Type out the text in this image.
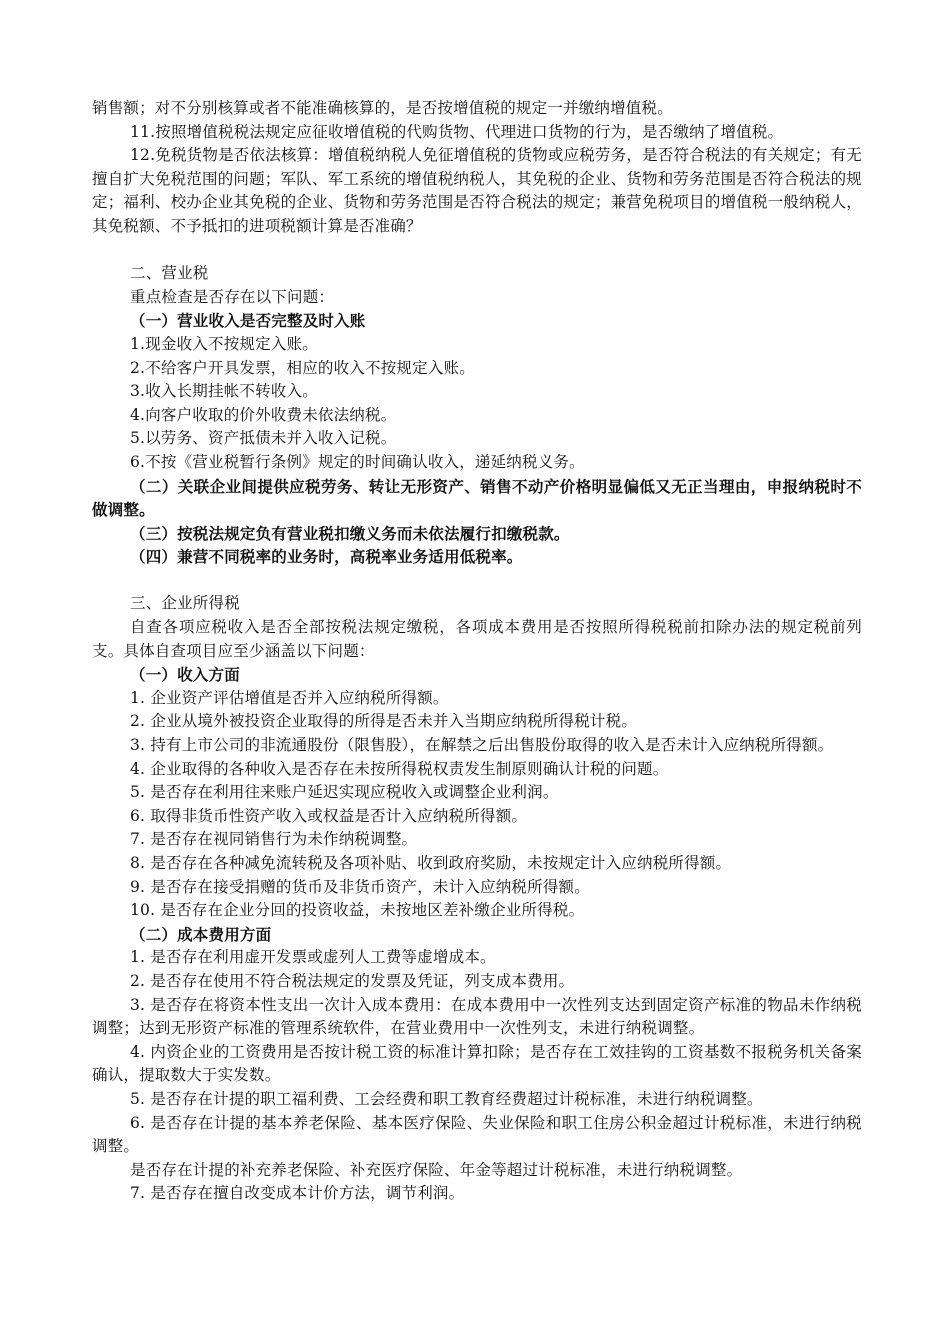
销售额；对不分别核算或者不能准确核算的，是否按增值税的规定一并缴纳增值税。

11.按照增值税税法规定应征收增值税的代购货物、代理进口货物的行为，是否缴纳了增值税。

12.免税货物是否依法核算：增值税纳税人免征增值税的货物或应税劳务，是否符合税法的有关规定；有无擅自扩大免税范围的问题；军队、军工系统的增值税纳税人，其免税的企业、货物和劳务范围是否符合税法的规定；福利、校办企业其免税的企业、货物和劳务范围是否符合税法的规定；兼营免税项目的增值税一般纳税人，其免税额、不予抵扣的进项税额计算是否准确？

二、营业税

重点检查是否存在以下问题：

（一）营业收入是否完整及时入账

1.现金收入不按规定入账。

2.不给客户开具发票，相应的收入不按规定入账。

3.收入长期挂帐不转收入。

4.向客户收取的价外收费未依法纳税。

5.以劳务、资产抵债未并入收入记税。

6.不按《营业税暂行条例》规定的时间确认收入，递延纳税义务。

（二）关联企业间提供应税劳务、转让无形资产、销售不动产价格明显偏低又无正当理由，申报纳税时不做调整。

（三）按税法规定负有营业税扣缴义务而未依法履行扣缴税款。

（四）兼营不同税率的业务时，高税率业务适用低税率。

三、企业所得税

自查各项应税收入是否全部按税法规定缴税，各项成本费用是否按照所得税税前扣除办法的规定税前列支。具体自查项目应至少涵盖以下问题：

（一）收入方面

1. 企业资产评估增值是否并入应纳税所得额。

2. 企业从境外被投资企业取得的所得是否未并入当期应纳税所得税计税。

3. 持有上市公司的非流通股份（限售股），在解禁之后出售股份取得的收入是否未计入应纳税所得额。

4. 企业取得的各种收入是否存在未按所得税权责发生制原则确认计税的问题。

5. 是否存在利用往来账户延迟实现应税收入或调整企业利润。

6. 取得非货币性资产收入或权益是否计入应纳税所得额。

7. 是否存在视同销售行为未作纳税调整。

8. 是否存在各种减免流转税及各项补贴、收到政府奖励，未按规定计入应纳税所得额。

9. 是否存在接受捐赠的货币及非货币资产，未计入应纳税所得额。

10. 是否存在企业分回的投资收益，未按地区差补缴企业所得税。

（二）成本费用方面

1. 是否存在利用虚开发票或虚列人工费等虚增成本。

2. 是否存在使用不符合税法规定的发票及凭证，列支成本费用。

3. 是否存在将资本性支出一次计入成本费用：在成本费用中一次性列支达到固定资产标准的物品未作纳税调整；达到无形资产标准的管理系统软件，在营业费用中一次性列支，未进行纳税调整。

4. 内资企业的工资费用是否按计税工资的标准计算扣除；是否存在工效挂钩的工资基数不报税务机关备案确认，提取数大于实发数。

5. 是否存在计提的职工福利费、工会经费和职工教育经费超过计税标准，未进行纳税调整。

6. 是否存在计提的基本养老保险、基本医疗保险、失业保险和职工住房公积金超过计税标准，未进行纳税调整。

是否存在计提的补充养老保险、补充医疗保险、年金等超过计税标准，未进行纳税调整。

7. 是否存在擅自改变成本计价方法，调节利润。
